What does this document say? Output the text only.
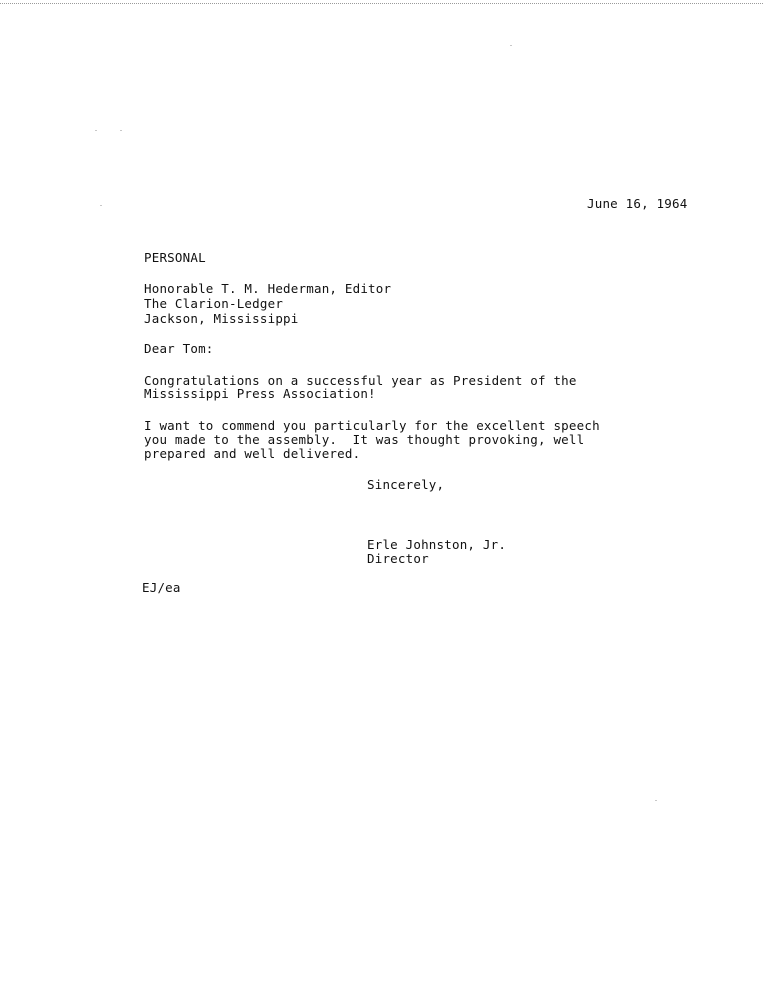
June 16, 1964
PERSONAL
Honorable T. M. Hederman, Editor
The Clarion-Ledger
Jackson, Mississippi
Dear Tom:
Congratulations on a successful year as President of the
Mississippi Press Association!
I want to commend you particularly for the excellent speech
you made to the assembly.  It was thought provoking, well
prepared and well delivered.
Sincerely,
Erle Johnston, Jr.
Director
EJ/ea
